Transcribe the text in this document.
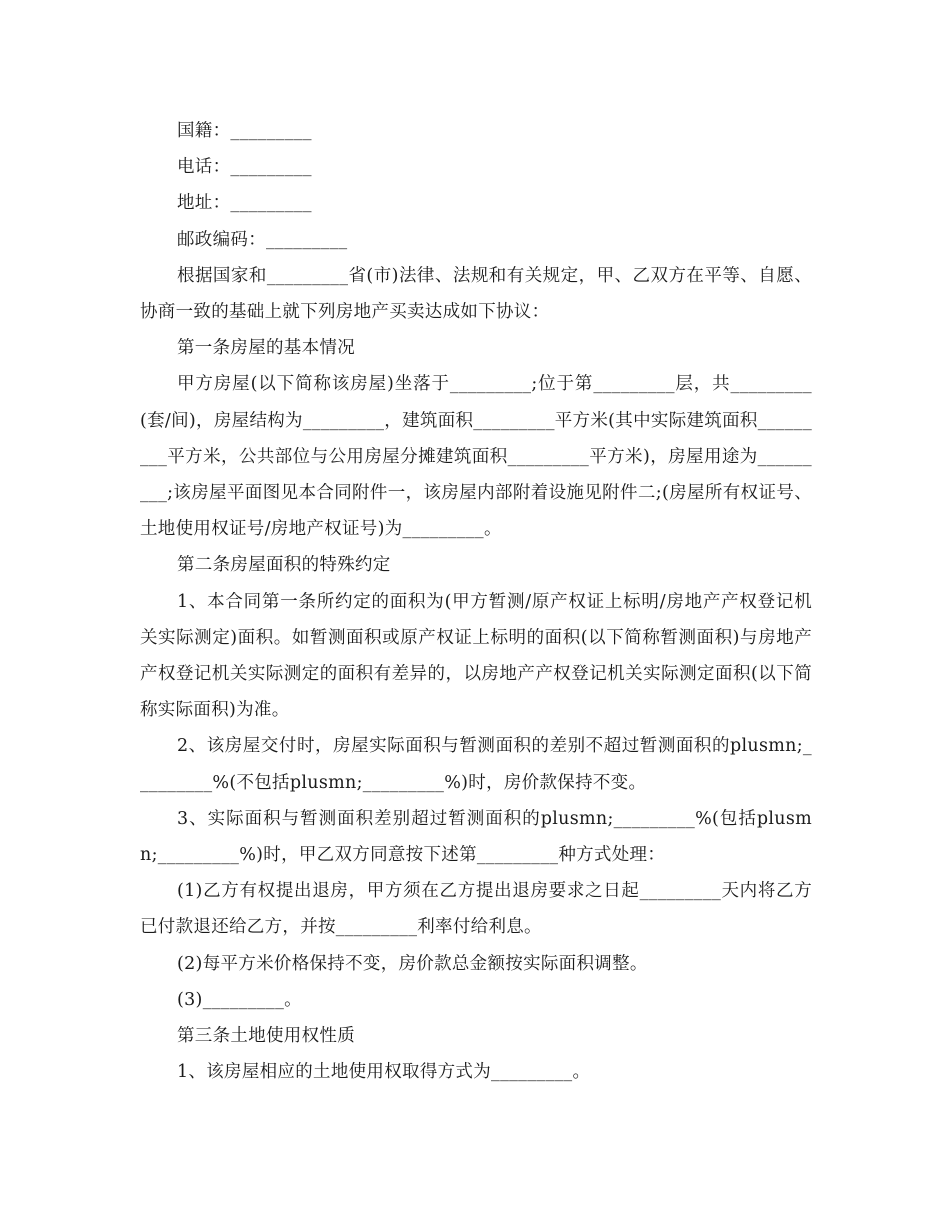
国籍：_________

电话：_________

地址：_________

邮政编码：_________

根据国家和_________省(市)法律、法规和有关规定，甲、乙双方在平等、自愿、协商一致的基础上就下列房地产买卖达成如下协议：

第一条房屋的基本情况

甲方房屋(以下简称该房屋)坐落于_________;位于第_________层，共_________(套/间)，房屋结构为_________，建筑面积_________平方米(其中实际建筑面积_________平方米，公共部位与公用房屋分摊建筑面积_________平方米)，房屋用途为_________;该房屋平面图见本合同附件一，该房屋内部附着设施见附件二;(房屋所有权证号、土地使用权证号/房地产权证号)为_________。

第二条房屋面积的特殊约定

1、本合同第一条所约定的面积为(甲方暂测/原产权证上标明/房地产产权登记机关实际测定)面积。如暂测面积或原产权证上标明的面积(以下简称暂测面积)与房地产产权登记机关实际测定的面积有差异的，以房地产产权登记机关实际测定面积(以下简称实际面积)为准。

2、该房屋交付时，房屋实际面积与暂测面积的差别不超过暂测面积的plusmn;_________%(不包括plusmn;_________%)时，房价款保持不变。

3、实际面积与暂测面积差别超过暂测面积的plusmn;_________%(包括plusmn;_________%)时，甲乙双方同意按下述第_________种方式处理：

(1)乙方有权提出退房，甲方须在乙方提出退房要求之日起_________天内将乙方已付款退还给乙方，并按_________利率付给利息。

(2)每平方米价格保持不变，房价款总金额按实际面积调整。

(3)_________。

第三条土地使用权性质

1、该房屋相应的土地使用权取得方式为_________。
